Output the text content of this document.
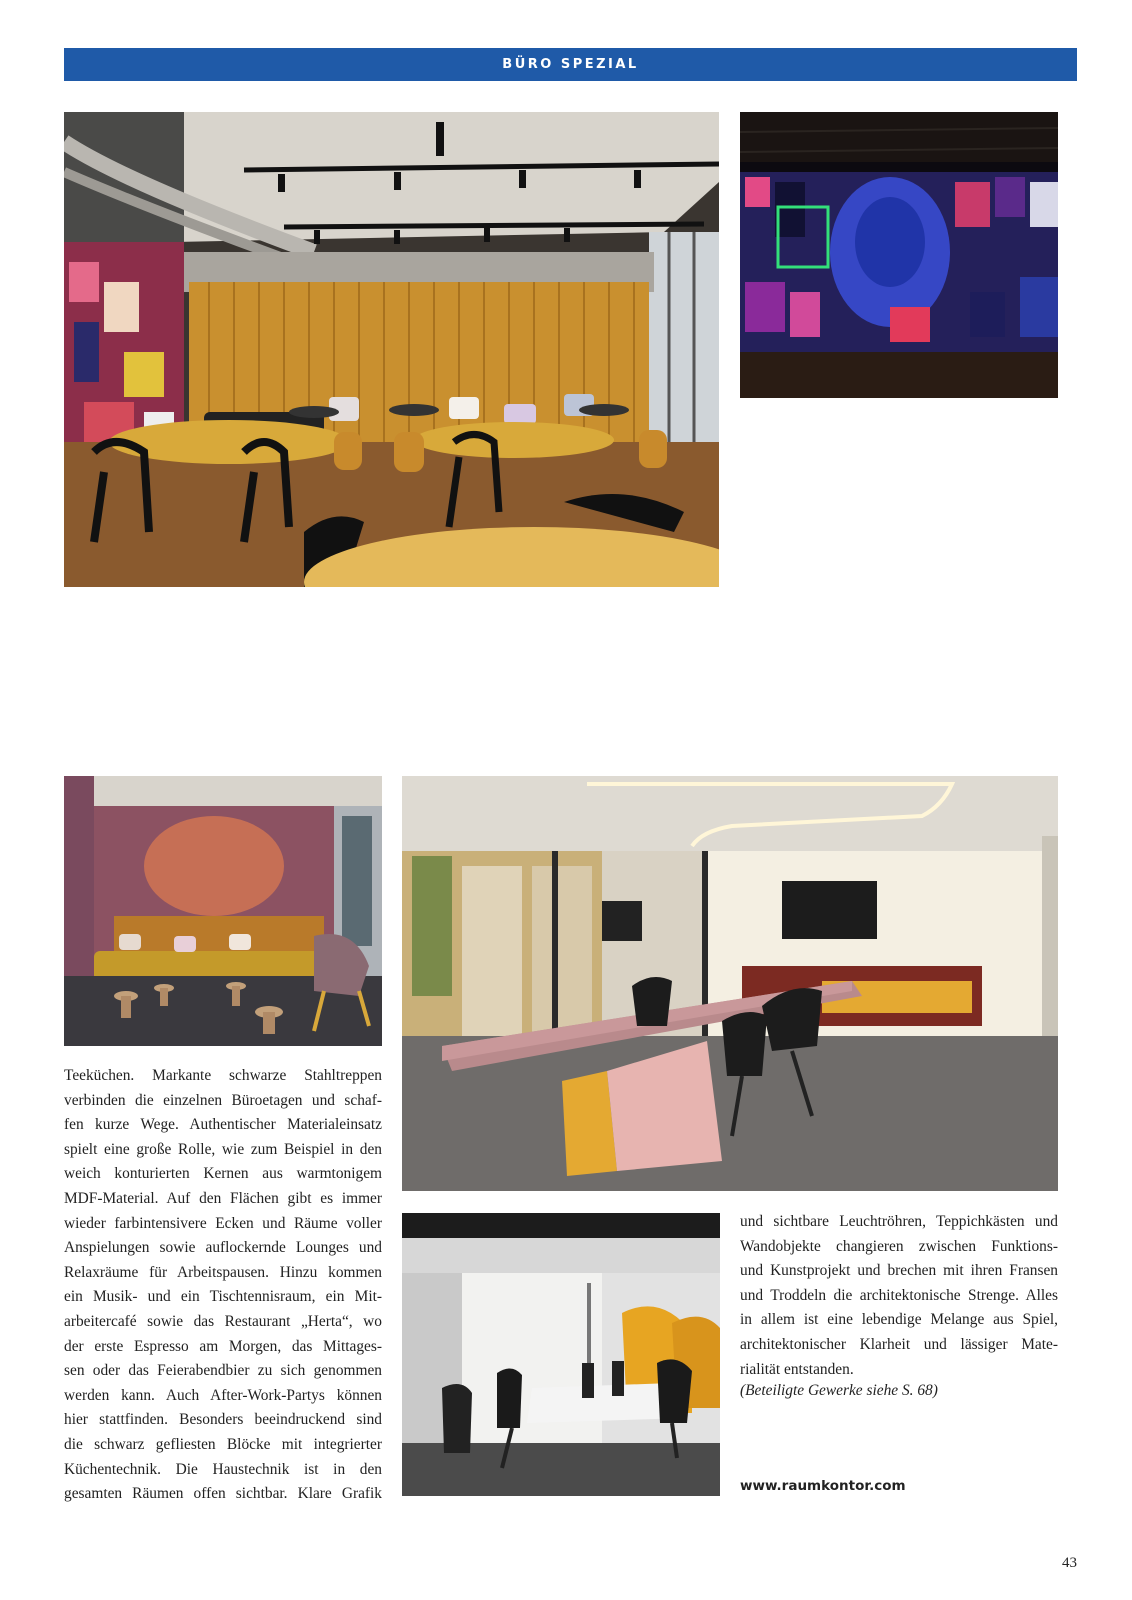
BÜRO SPEZIAL
Teeküchen. Markante schwarze Stahltreppen
verbinden die einzelnen Büroetagen und schaf-
fen kurze Wege. Authentischer Materialeinsatz
spielt eine große Rolle, wie zum Beispiel in den
weich konturierten Kernen aus warmtonigem
MDF-Material. Auf den Flächen gibt es immer
wieder farbintensivere Ecken und Räume voller
Anspielungen sowie auflockernde Lounges und
Relaxräume für Arbeitspausen. Hinzu kommen
ein Musik- und ein Tischtennisraum, ein Mit-
arbeitercafé sowie das Restaurant „Herta“, wo
der erste Espresso am Morgen, das Mittages-
sen oder das Feierabendbier zu sich genommen
werden kann. Auch After-Work-Partys können
hier stattfinden. Besonders beeindruckend sind
die schwarz gefliesten Blöcke mit integrierter
Küchentechnik. Die Haustechnik ist in den
gesamten Räumen offen sichtbar. Klare Grafik
und sichtbare Leuchtröhren, Teppichkästen und
Wandobjekte changieren zwischen Funktions-
und Kunstprojekt und brechen mit ihren Fransen
und Troddeln die architektonische Strenge. Alles
in allem ist eine lebendige Melange aus Spiel,
architektonischer Klarheit und lässiger Mate-
rialität entstanden.
(Beteiligte Gewerke siehe S. 68)
www.raumkontor.com
43
